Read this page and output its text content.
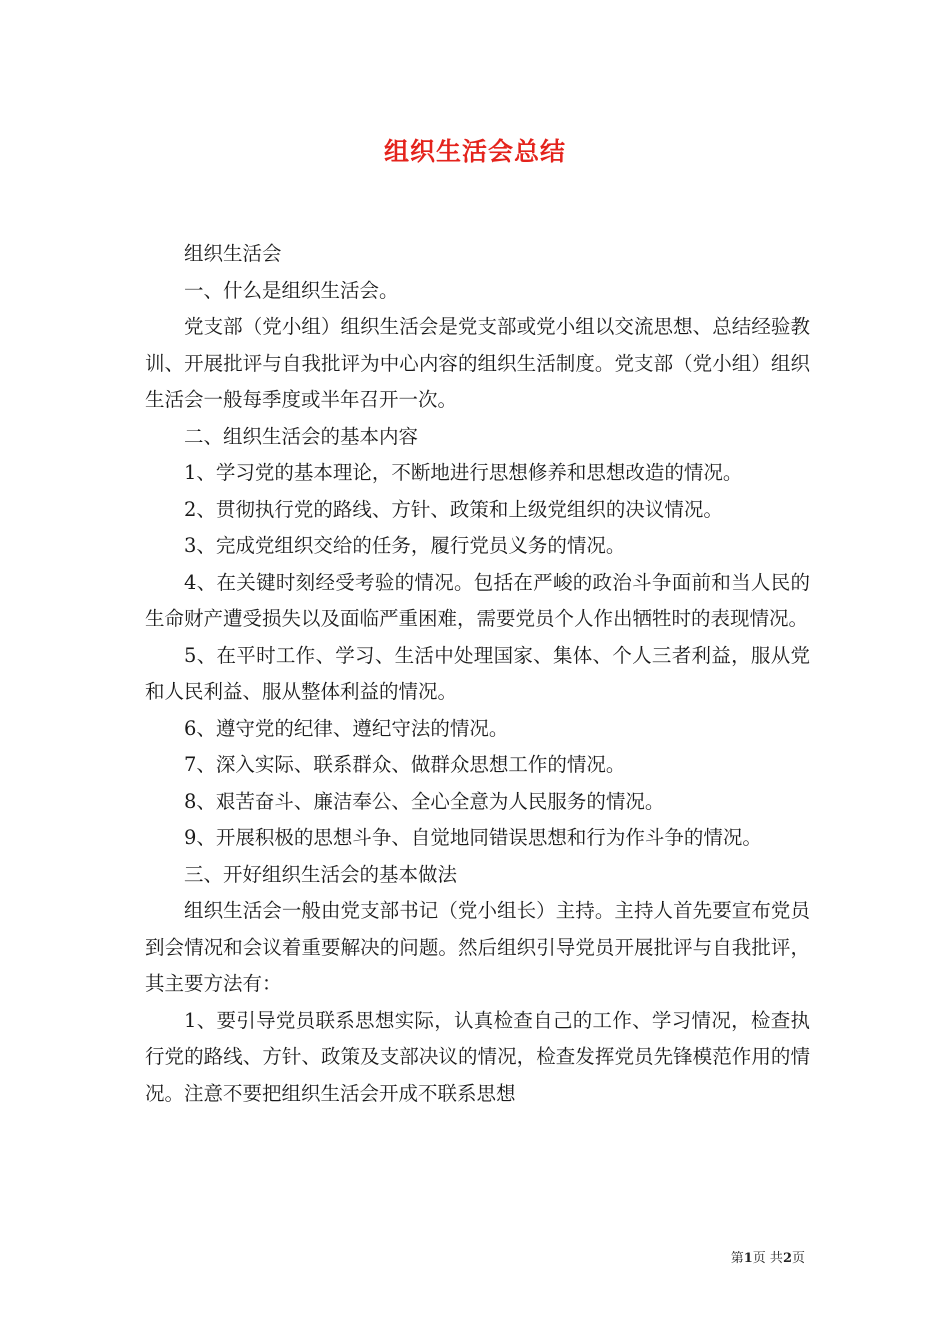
组织生活会总结

组织生活会

一、什么是组织生活会。

党支部（党小组）组织生活会是党支部或党小组以交流思想、总结经验教训、开展批评与自我批评为中心内容的组织生活制度。党支部（党小组）组织生活会一般每季度或半年召开一次。

二、组织生活会的基本内容

1、学习党的基本理论，不断地进行思想修养和思想改造的情况。

2、贯彻执行党的路线、方针、政策和上级党组织的决议情况。

3、完成党组织交给的任务，履行党员义务的情况。

4、在关键时刻经受考验的情况。包括在严峻的政治斗争面前和当人民的生命财产遭受损失以及面临严重困难，需要党员个人作出牺牲时的表现情况。

5、在平时工作、学习、生活中处理国家、集体、个人三者利益，服从党和人民利益、服从整体利益的情况。

6、遵守党的纪律、遵纪守法的情况。

7、深入实际、联系群众、做群众思想工作的情况。

8、艰苦奋斗、廉洁奉公、全心全意为人民服务的情况。

9、开展积极的思想斗争、自觉地同错误思想和行为作斗争的情况。

三、开好组织生活会的基本做法

组织生活会一般由党支部书记（党小组长）主持。主持人首先要宣布党员到会情况和会议着重要解决的问题。然后组织引导党员开展批评与自我批评，其主要方法有：

1、要引导党员联系思想实际，认真检查自己的工作、学习情况，检查执行党的路线、方针、政策及支部决议的情况，检查发挥党员先锋模范作用的情况。注意不要把组织生活会开成不联系思想

第1页 共2页
